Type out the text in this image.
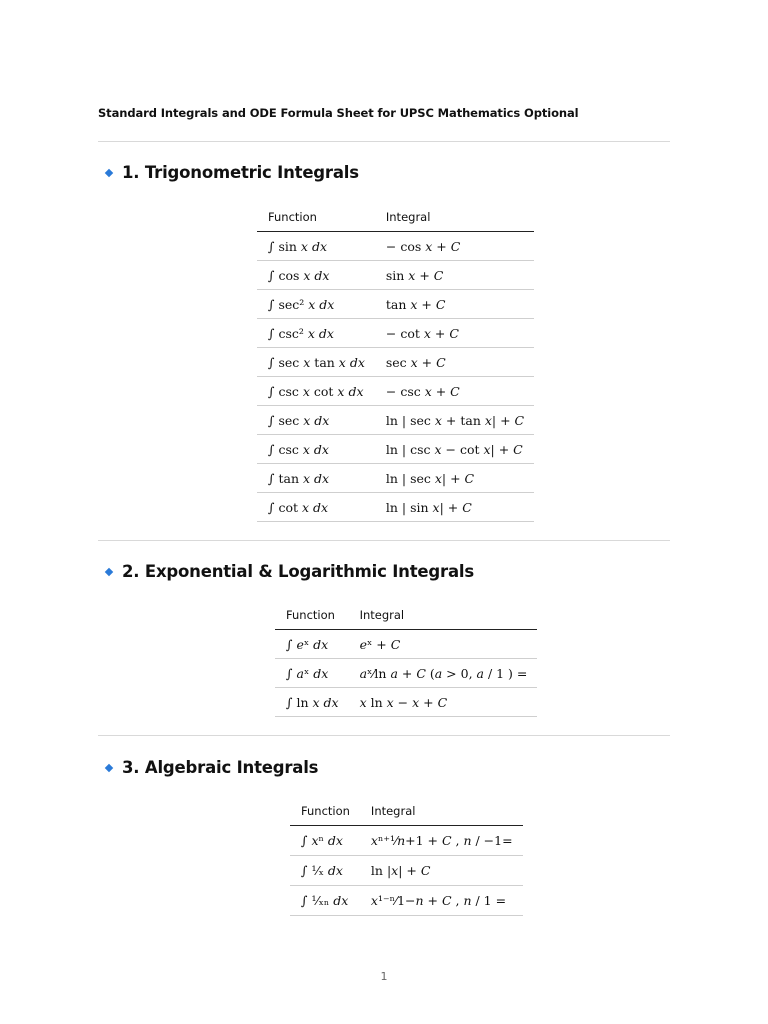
Standard Integrals and ODE Formula Sheet for UPSC Mathematics Optional
1. Trigonometric Integrals
Function	Integral
∫ sin 𝑥 𝑑𝑥	− cos 𝑥 + 𝐶
∫ cos 𝑥 𝑑𝑥	sin 𝑥 + 𝐶
∫ sec² 𝑥 𝑑𝑥	tan 𝑥 + 𝐶
∫ csc² 𝑥 𝑑𝑥	− cot 𝑥 + 𝐶
∫ sec 𝑥 tan 𝑥 𝑑𝑥	sec 𝑥 + 𝐶
∫ csc 𝑥 cot 𝑥 𝑑𝑥	− csc 𝑥 + 𝐶
∫ sec 𝑥 𝑑𝑥	ln | sec 𝑥 + tan 𝑥| + 𝐶
∫ csc 𝑥 𝑑𝑥	ln | csc 𝑥 − cot 𝑥| + 𝐶
∫ tan 𝑥 𝑑𝑥	ln | sec 𝑥| + 𝐶
∫ cot 𝑥 𝑑𝑥	ln | sin 𝑥| + 𝐶
2. Exponential & Logarithmic Integrals
Function	Integral
∫ 𝑒ˣ 𝑑𝑥	𝑒ˣ + 𝐶
∫ 𝑎ˣ 𝑑𝑥	𝑎ˣ⁄ln 𝑎 + 𝐶 (𝑎 > 0, 𝑎 / 1 ) =
∫ ln 𝑥 𝑑𝑥	𝑥 ln 𝑥 − 𝑥 + 𝐶
3. Algebraic Integrals
Function	Integral
∫ 𝑥ⁿ 𝑑𝑥	𝑥ⁿ⁺¹⁄𝑛+1 + 𝐶 , 𝑛 / −1=
∫ ¹⁄ₓ 𝑑𝑥	ln |𝑥| + 𝐶
∫ ¹⁄ₓₙ 𝑑𝑥	𝑥¹⁻ⁿ⁄1−𝑛 + 𝐶 , 𝑛 / 1 =
1
